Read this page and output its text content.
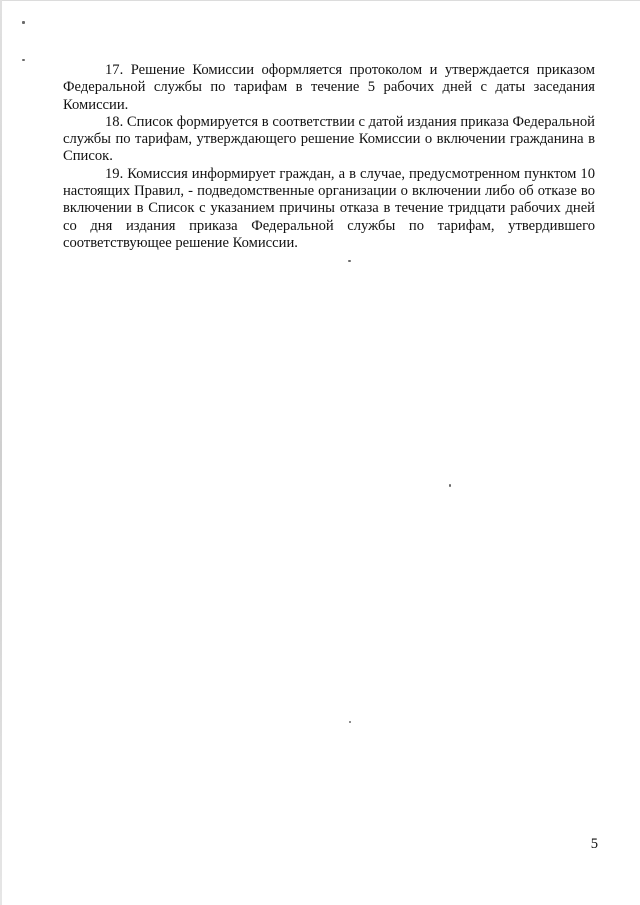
17. Решение Комиссии оформляется протоколом и утверждается приказом Федеральной службы по тарифам в течение 5 рабочих дней с даты заседания Комиссии.

18. Список формируется в соответствии с датой издания приказа Федеральной службы по тарифам, утверждающего решение Комиссии о включении гражданина в Список.

19. Комиссия информирует граждан, а в случае, предусмотренном пунктом 10 настоящих Правил, - подведомственные организации о включении либо об отказе во включении в Список с указанием причины отказа в течение тридцати рабочих дней со дня издания приказа Федеральной службы по тарифам, утвердившего соответствующее решение Комиссии.

5
